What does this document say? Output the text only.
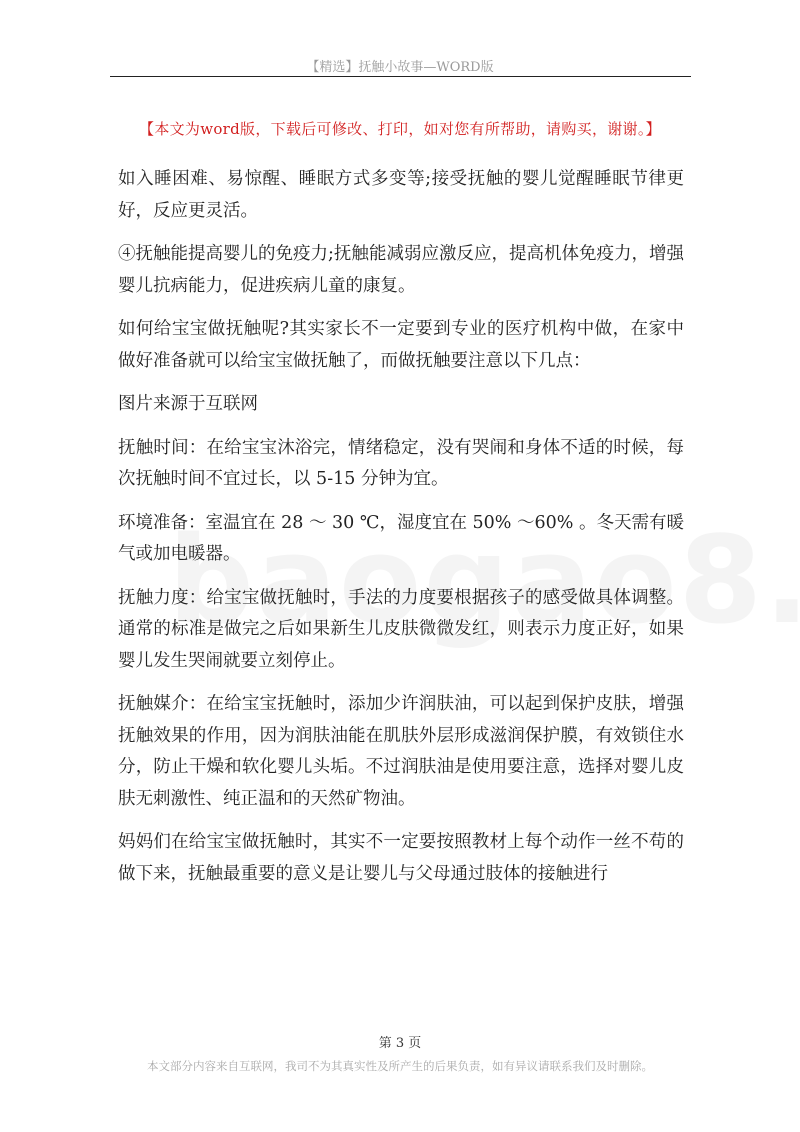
【精选】抚触小故事—WORD版
【本文为word版，下载后可修改、打印，如对您有所帮助，请购买，谢谢。】

如入睡困难、易惊醒、睡眠方式多变等;接受抚触的婴儿觉醒睡眠节律更好，反应更灵活。

④抚触能提高婴儿的免疫力;抚触能减弱应激反应，提高机体免疫力，增强婴儿抗病能力，促进疾病儿童的康复。

如何给宝宝做抚触呢?其实家长不一定要到专业的医疗机构中做，在家中做好准备就可以给宝宝做抚触了，而做抚触要注意以下几点：

图片来源于互联网

抚触时间：在给宝宝沐浴完，情绪稳定，没有哭闹和身体不适的时候，每次抚触时间不宜过长，以 5-15 分钟为宜。

环境准备：室温宜在 28 ～ 30 ℃，湿度宜在 50% ～60% 。冬天需有暖气或加电暖器。

抚触力度：给宝宝做抚触时，手法的力度要根据孩子的感受做具体调整。通常的标准是做完之后如果新生儿皮肤微微发红，则表示力度正好，如果婴儿发生哭闹就要立刻停止。

抚触媒介：在给宝宝抚触时，添加少许润肤油，可以起到保护皮肤，增强抚触效果的作用，因为润肤油能在肌肤外层形成滋润保护膜，有效锁住水分，防止干燥和软化婴儿头垢。不过润肤油是使用要注意，选择对婴儿皮肤无刺激性、纯正温和的天然矿物油。

妈妈们在给宝宝做抚触时，其实不一定要按照教材上每个动作一丝不苟的做下来，抚触最重要的意义是让婴儿与父母通过肢体的接触进行

第 3 页
本文部分内容来自互联网，我司不为其真实性及所产生的后果负责，如有异议请联系我们及时删除。
